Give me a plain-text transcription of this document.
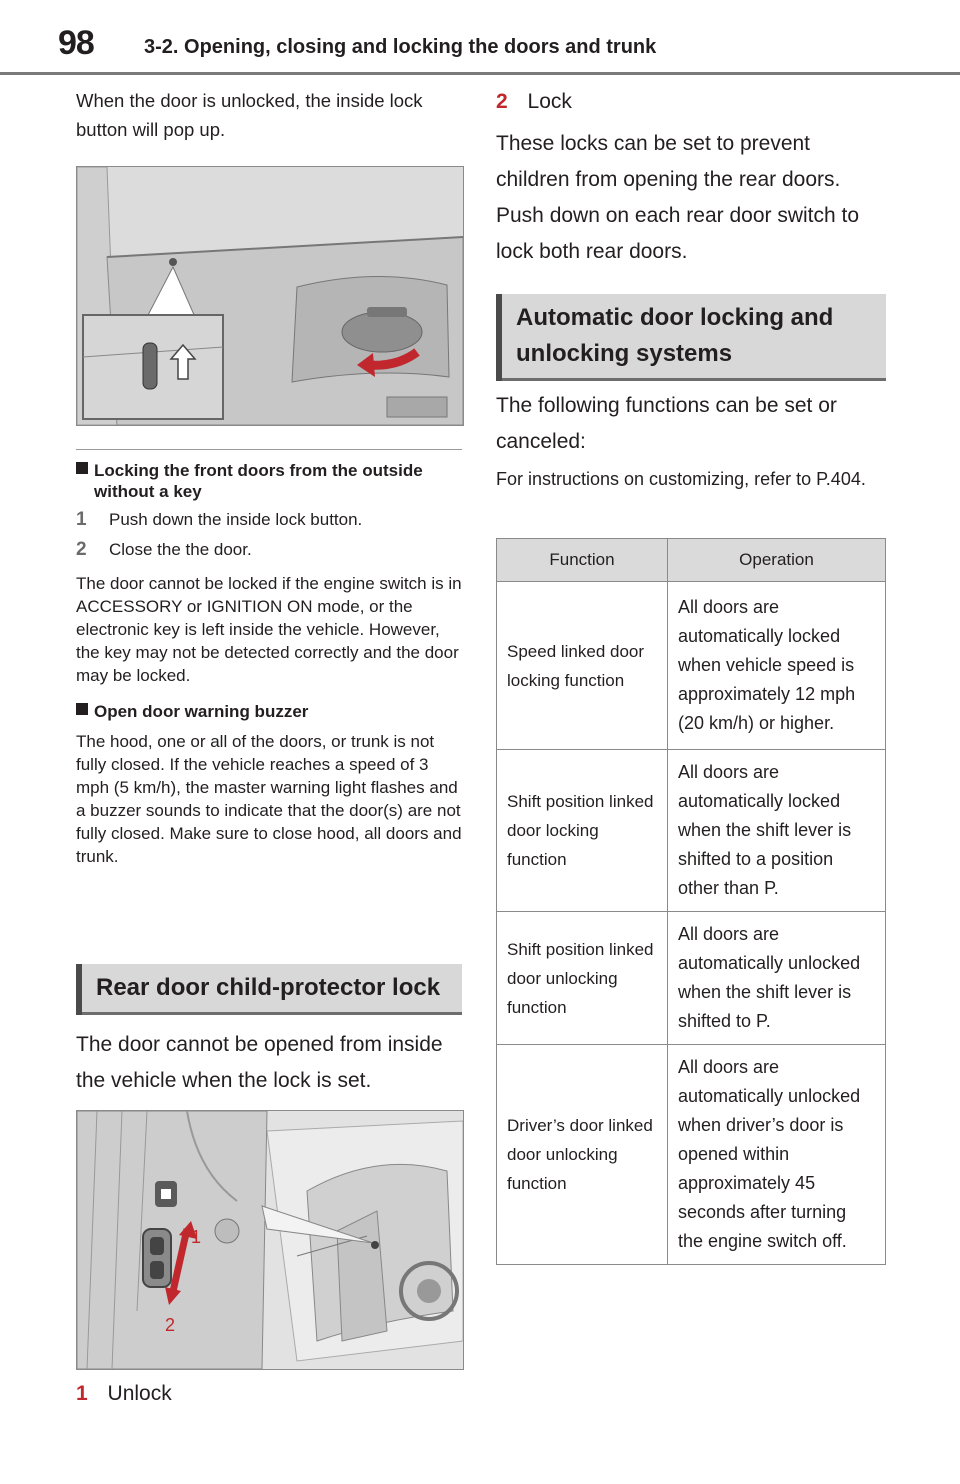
98	3-2. Opening, closing and locking the doors and trunk

When the door is unlocked, the inside lock button will pop up.

Locking the front doors from the outside without a key
1 Push down the inside lock button.
2 Close the the door.

The door cannot be locked if the engine switch is in ACCESSORY or IGNITION ON mode, or the electronic key is left inside the vehicle. However, the key may not be detected correctly and the door may be locked.

Open door warning buzzer

The hood, one or all of the doors, or trunk is not fully closed. If the vehicle reaches a speed of 3 mph (5 km/h), the master warning light flashes and a buzzer sounds to indicate that the door(s) are not fully closed. Make sure to close hood, all doors and trunk.

Rear door child-protector lock

The door cannot be opened from inside the vehicle when the lock is set.

1
2
1 Unlock
2 Lock

These locks can be set to prevent children from opening the rear doors. Push down on each rear door switch to lock both rear doors.

Automatic door locking and unlocking systems

The following functions can be set or canceled:

For instructions on customizing, refer to P.404.

Function	Operation
Speed linked door locking function	All doors are automatically locked when vehicle speed is approximately 12 mph (20 km/h) or higher.
Shift position linked door locking function	All doors are automatically locked when the shift lever is shifted to a position other than P.
Shift position linked door unlocking function	All doors are automatically unlocked when the shift lever is shifted to P.
Driver’s door linked door unlocking function	All doors are automatically unlocked when driver’s door is opened within approximately 45 seconds after turning the engine switch off.
